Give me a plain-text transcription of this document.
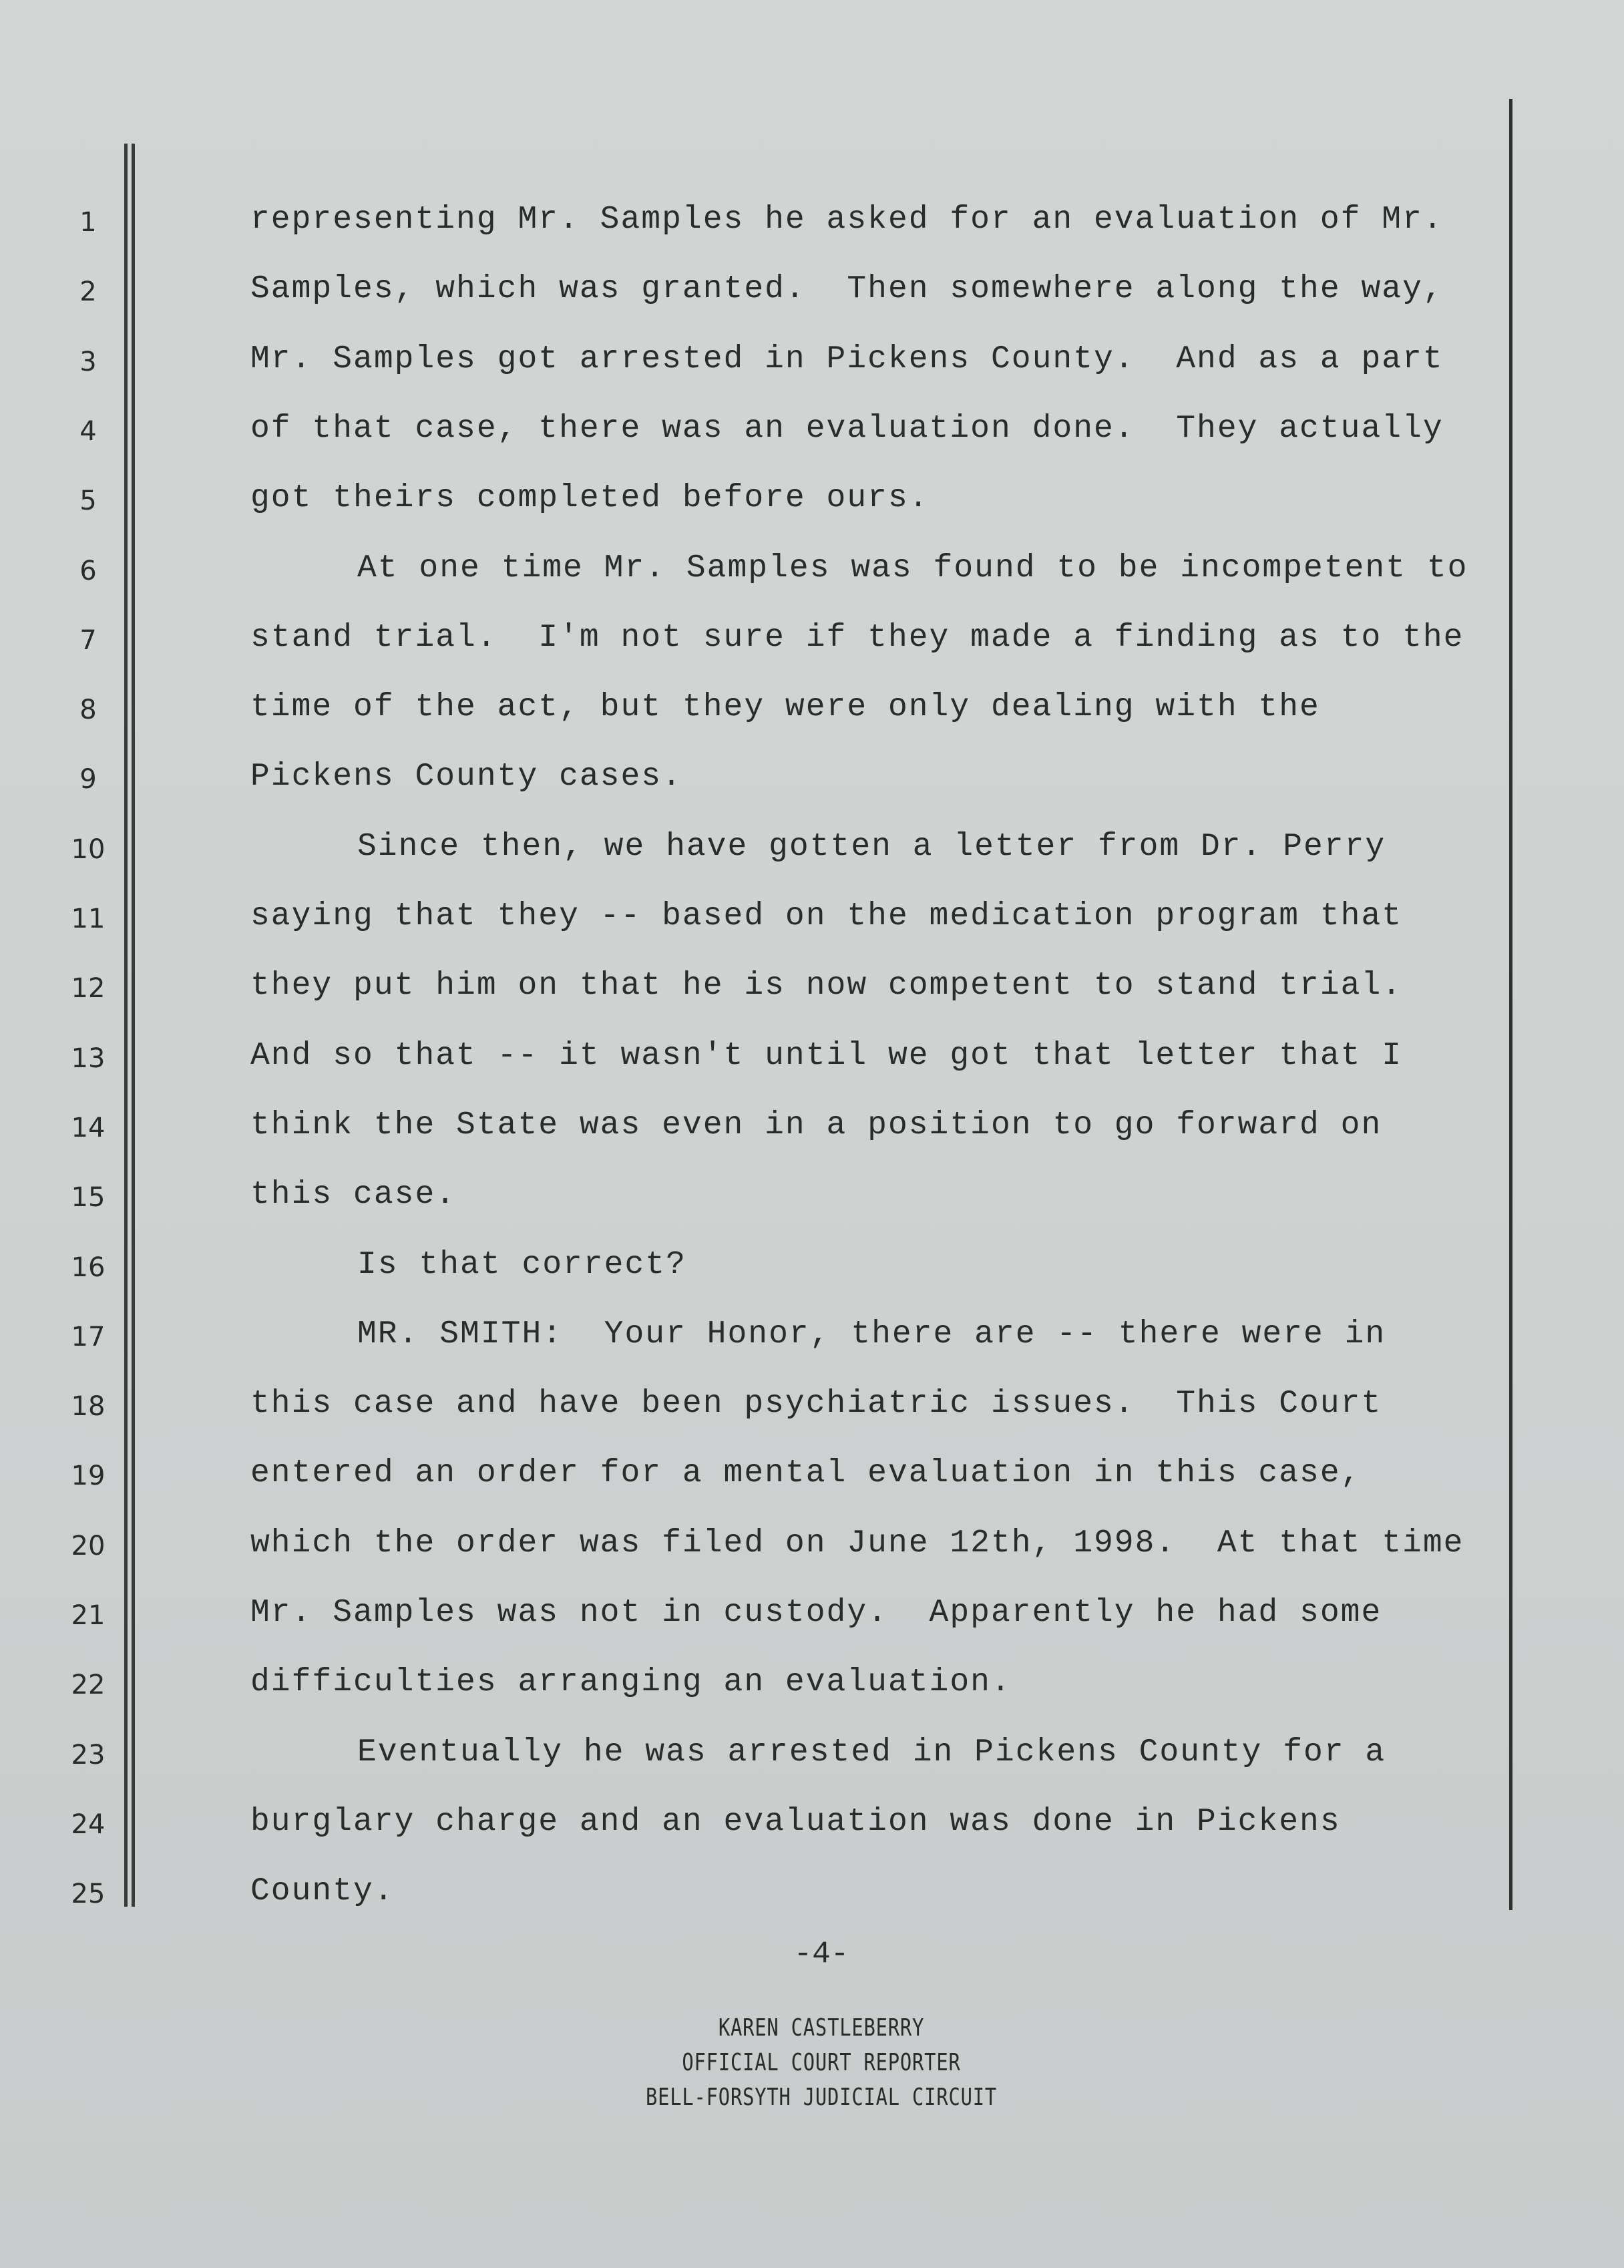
1	representing Mr. Samples he asked for an evaluation of Mr.
2	Samples, which was granted.  Then somewhere along the way,
3	Mr. Samples got arrested in Pickens County.  And as a part
4	of that case, there was an evaluation done.  They actually
5	got theirs completed before ours.
6	At one time Mr. Samples was found to be incompetent to
7	stand trial.  I'm not sure if they made a finding as to the
8	time of the act, but they were only dealing with the
9	Pickens County cases.
10	Since then, we have gotten a letter from Dr. Perry
11	saying that they -- based on the medication program that
12	they put him on that he is now competent to stand trial.
13	And so that -- it wasn't until we got that letter that I
14	think the State was even in a position to go forward on
15	this case.
16	Is that correct?
17	MR. SMITH:  Your Honor, there are -- there were in
18	this case and have been psychiatric issues.  This Court
19	entered an order for a mental evaluation in this case,
20	which the order was filed on June 12th, 1998.  At that time
21	Mr. Samples was not in custody.  Apparently he had some
22	difficulties arranging an evaluation.
23	Eventually he was arrested in Pickens County for a
24	burglary charge and an evaluation was done in Pickens
25	County.
-4-
KAREN CASTLEBERRY
OFFICIAL COURT REPORTER
BELL-FORSYTH JUDICIAL CIRCUIT
